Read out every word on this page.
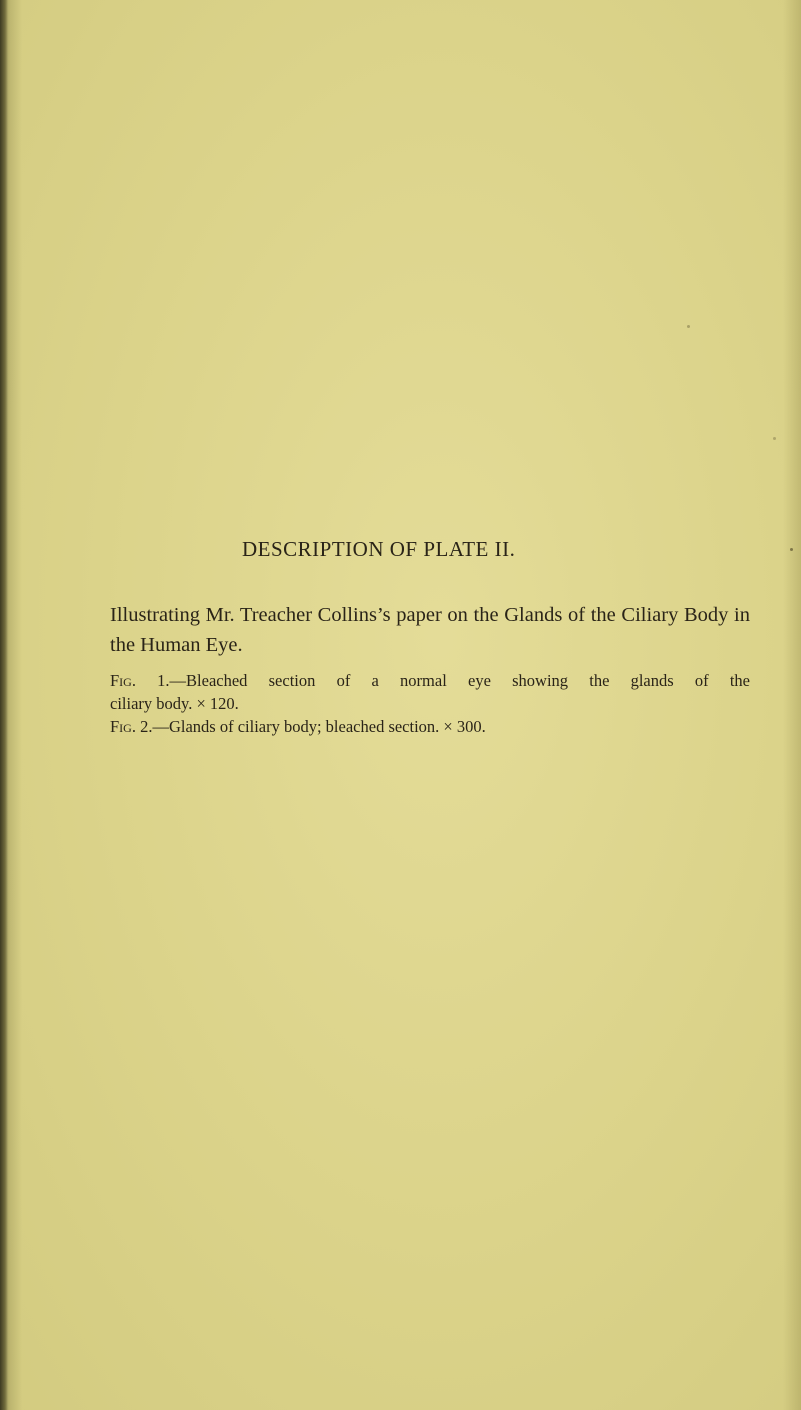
DESCRIPTION OF PLATE II.

Illustrating Mr. Treacher Collins’s paper on the Glands of the Ciliary Body in the Human Eye.

Fig. 1.—Bleached section of a normal eye showing the glands of the
ciliary body. × 120.

Fig. 2.—Glands of ciliary body; bleached section. × 300.
